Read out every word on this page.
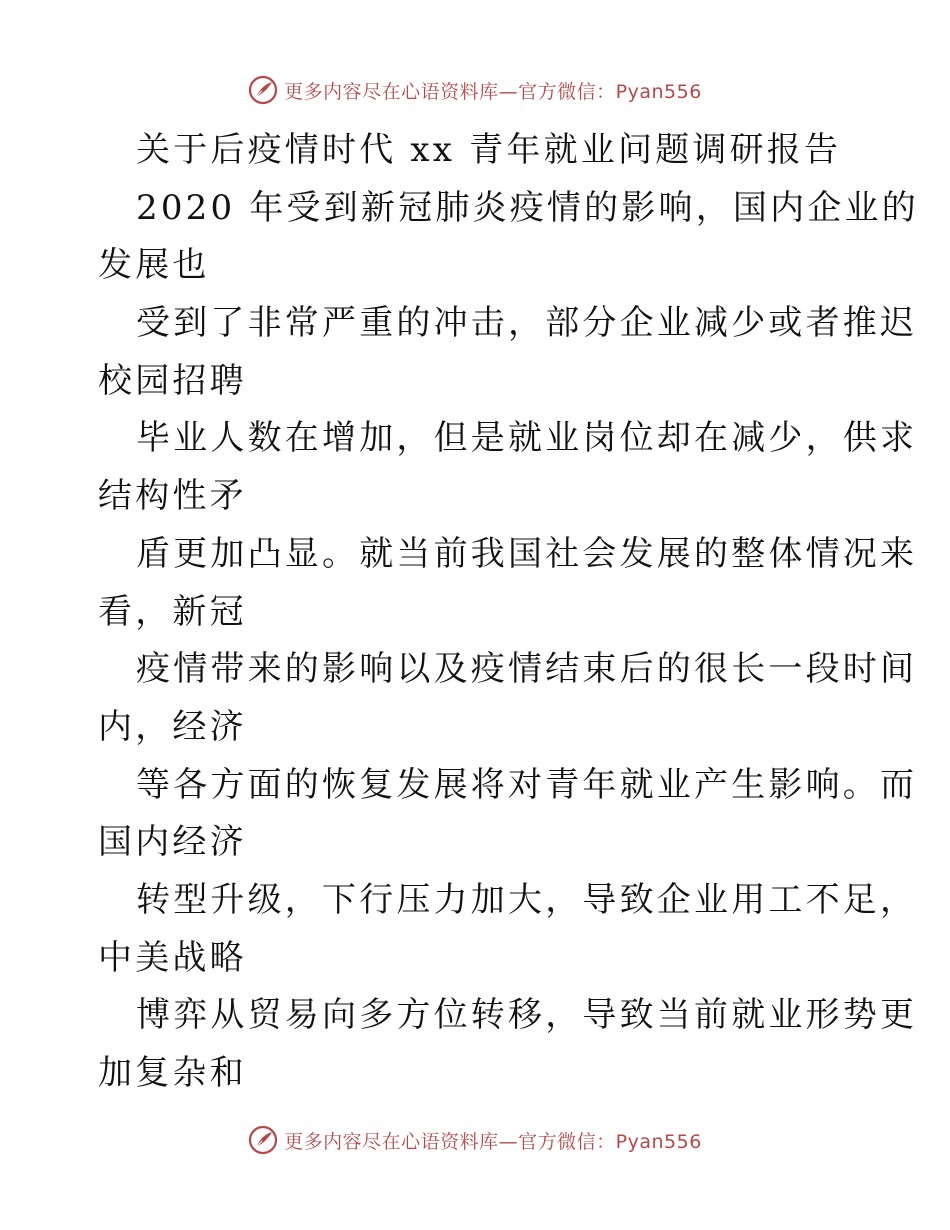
更多内容尽在心语资料库—官方微信：Pyan556
关于后疫情时代 xx 青年就业问题调研报告
2020 年受到新冠肺炎疫情的影响，国内企业的
发展也
受到了非常严重的冲击，部分企业减少或者推迟
校园招聘
毕业人数在增加，但是就业岗位却在减少，供求
结构性矛
盾更加凸显。就当前我国社会发展的整体情况来
看，新冠
疫情带来的影响以及疫情结束后的很长一段时间
内，经济
等各方面的恢复发展将对青年就业产生影响。而
国内经济
转型升级，下行压力加大，导致企业用工不足，
中美战略
博弈从贸易向多方位转移，导致当前就业形势更
加复杂和
更多内容尽在心语资料库—官方微信：Pyan556
